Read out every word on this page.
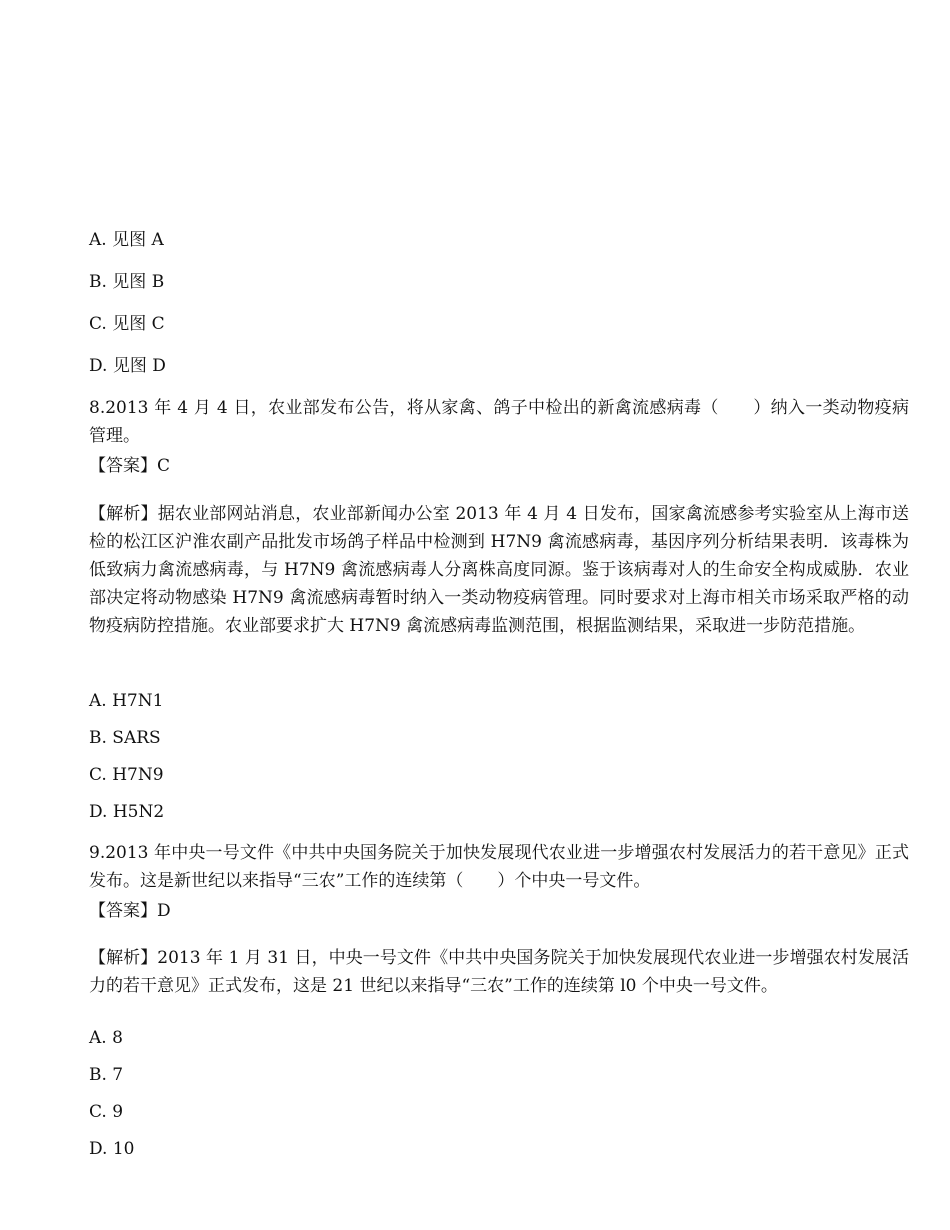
A. 见图 A
B. 见图 B
C. 见图 C
D. 见图 D
8.2013 年 4 月 4 日，农业部发布公告，将从家禽、鸽子中检出的新禽流感病毒（　　）纳入一类动物疫病管理。
【答案】C
【解析】据农业部网站消息，农业部新闻办公室 2013 年 4 月 4 日发布，国家禽流感参考实验室从上海市送检的松江区沪淮农副产品批发市场鸽子样品中检测到 H7N9 禽流感病毒，基因序列分析结果表明．该毒株为低致病力禽流感病毒，与 H7N9 禽流感病毒人分离株高度同源。鉴于该病毒对人的生命安全构成威胁．农业部决定将动物感染 H7N9 禽流感病毒暂时纳入一类动物疫病管理。同时要求对上海市相关市场采取严格的动物疫病防控措施。农业部要求扩大 H7N9 禽流感病毒监测范围，根据监测结果，采取进一步防范措施。
A. H7N1
B. SARS
C. H7N9
D. H5N2
9.2013 年中央一号文件《中共中央国务院关于加快发展现代农业进一步增强农村发展活力的若干意见》正式发布。这是新世纪以来指导“三农”工作的连续第（　　）个中央一号文件。
【答案】D
【解析】2013 年 1 月 31 日，中央一号文件《中共中央国务院关于加快发展现代农业进一步增强农村发展活力的若干意见》正式发布，这是 21 世纪以来指导“三农”工作的连续第 l0 个中央一号文件。
A. 8
B. 7
C. 9
D. 10
